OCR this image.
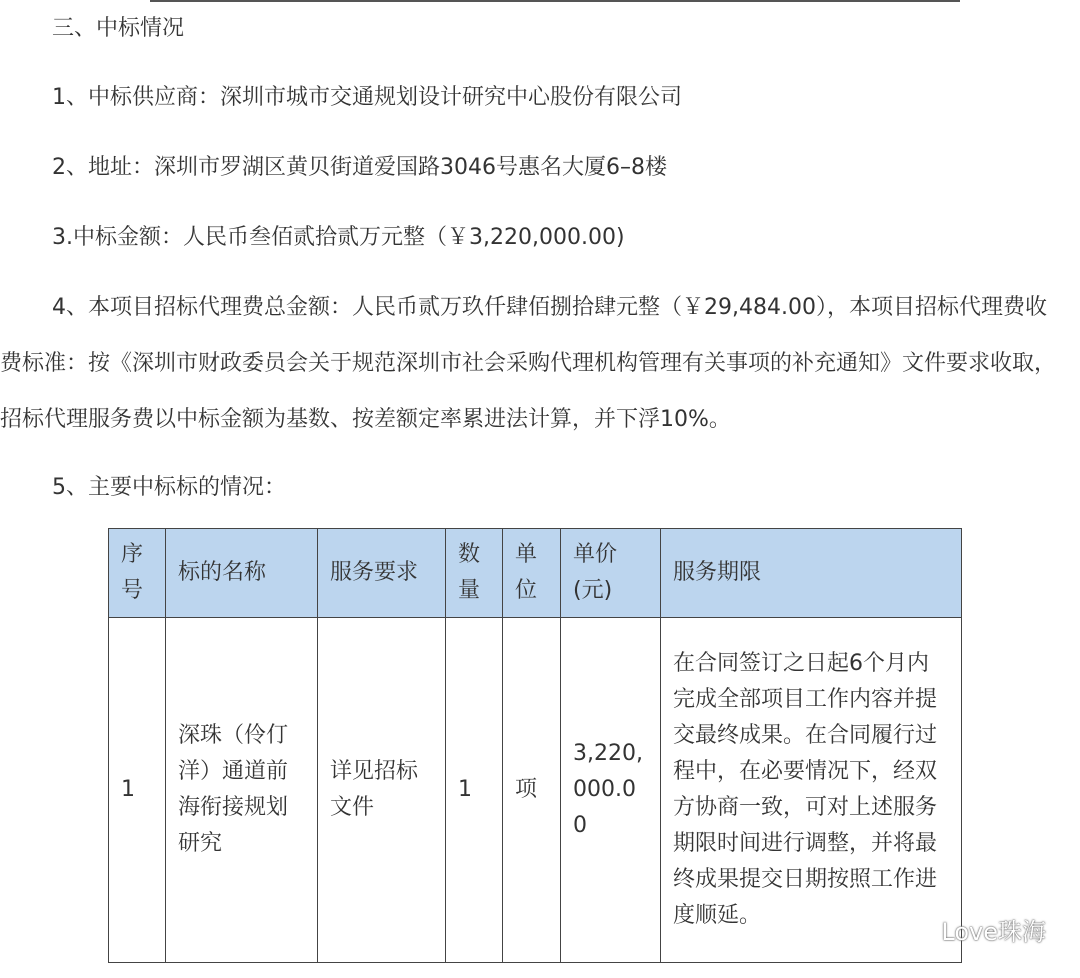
三、中标情况

1、中标供应商：深圳市城市交通规划设计研究中心股份有限公司

2、地址：深圳市罗湖区黄贝街道爱国路3046号惠名大厦6–8楼

3.中标金额：人民币叁佰贰拾贰万元整（￥3,220,000.00)

4、本项目招标代理费总金额：人民币贰万玖仟肆佰捌拾肆元整（￥29,484.00），本项目招标代理费收费标准：按《深圳市财政委员会关于规范深圳市社会采购代理机构管理有关事项的补充通知》文件要求收取，招标代理服务费以中标金额为基数、按差额定率累进法计算，并下浮10%。

5、主要中标标的情况：

序号	标的名称	服务要求	数量	单位	单价(元)	服务期限
1	深珠（伶仃洋）通道前海衔接规划研究	详见招标文件	1	项	3,220,000.00	在合同签订之日起6个月内完成全部项目工作内容并提交最终成果。在合同履行过程中，在必要情况下，经双方协商一致，可对上述服务期限时间进行调整，并将最终成果提交日期按照工作进度顺延。
Love珠海
